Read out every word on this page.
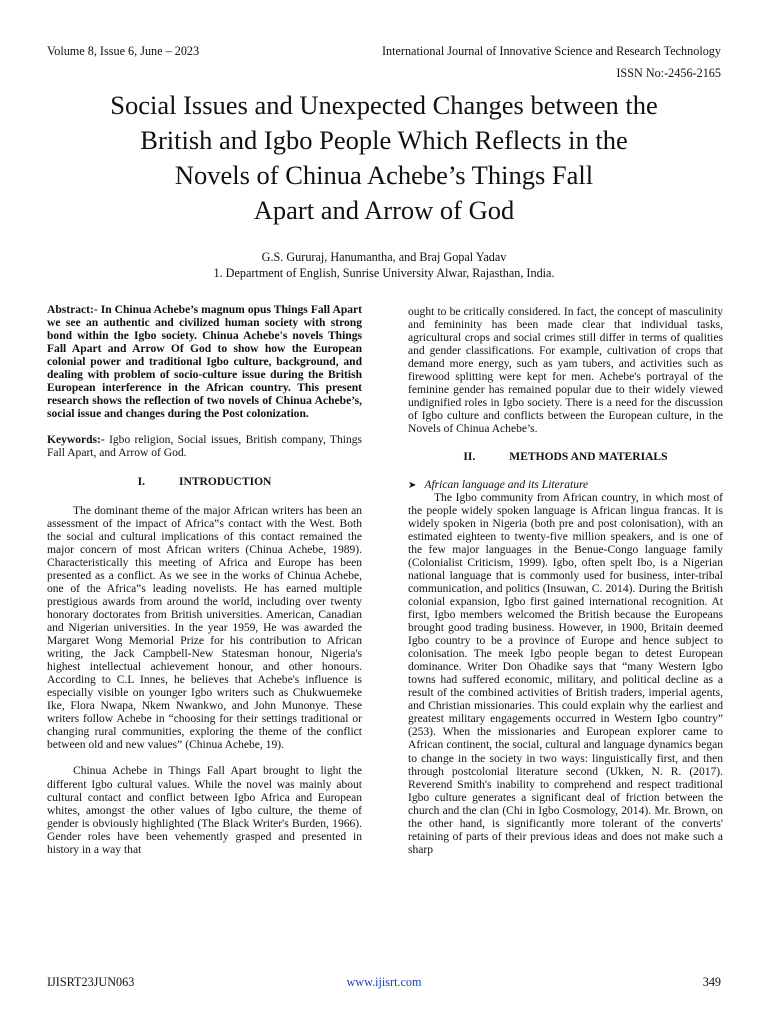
Volume 8, Issue 6, June – 2023	International Journal of Innovative Science and Research Technology
ISSN No:-2456-2165
Social Issues and Unexpected Changes between the
British and Igbo People Which Reflects in the
Novels of Chinua Achebe’s Things Fall
Apart and Arrow of God
G.S. Gururaj, Hanumantha, and Braj Gopal Yadav
1. Department of English, Sunrise University Alwar, Rajasthan, India.

Abstract:- In Chinua Achebe’s magnum opus Things Fall Apart we see an authentic and civilized human society with strong bond within the Igbo society. Chinua Achebe's novels Things Fall Apart and Arrow Of God to show how the European colonial power and traditional Igbo culture, background, and dealing with problem of socio-culture issue during the British European interference in the African country. This present research shows the reflection of two novels of Chinua Achebe’s, social issue and changes during the Post colonization.

Keywords:- Igbo religion, Social issues, British company, Things Fall Apart, and Arrow of God.

I.	INTRODUCTION

The dominant theme of the major African writers has been an assessment of the impact of Africa‟s contact with the West. Both the social and cultural implications of this contact remained the major concern of most African writers (Chinua Achebe, 1989). Characteristically this meeting of Africa and Europe has been presented as a conflict. As we see in the works of Chinua Achebe, one of the Africa‟s leading novelists. He has earned multiple prestigious awards from around the world, including over twenty honorary doctorates from British universities. American, Canadian and Nigerian universities. In the year 1959, He was awarded the Margaret Wong Memorial Prize for his contribution to African writing, the Jack Campbell-New Statesman honour, Nigeria's highest intellectual achievement honour, and other honours. According to C.L Innes, he believes that Achebe's influence is especially visible on younger Igbo writers such as Chukwuemeke Ike, Flora Nwapa, Nkem Nwankwo, and John Munonye. These writers follow Achebe in “choosing for their settings traditional or changing rural communities, exploring the theme of the conflict between old and new values” (Chinua Achebe, 19).

Chinua Achebe in Things Fall Apart brought to light the different Igbo cultural values. While the novel was mainly about cultural contact and conflict between Igbo Africa and European whites, amongst the other values of Igbo culture, the theme of gender is obviously highlighted (The Black Writer's Burden, 1966). Gender roles have been vehemently grasped and presented in history in a way that

ought to be critically considered. In fact, the concept of masculinity and femininity has been made clear that individual tasks, agricultural crops and social crimes still differ in terms of qualities and gender classifications. For example, cultivation of crops that demand more energy, such as yam tubers, and activities such as firewood splitting were kept for men. Achebe's portrayal of the feminine gender has remained popular due to their widely viewed undignified roles in Igbo society. There is a need for the discussion of Igbo culture and conflicts between the European culture, in the Novels of Chinua Achebe’s.

II.	METHODS AND MATERIALS

➤ African language and its Literature

The Igbo community from African country, in which most of the people widely spoken language is African lingua francas. It is widely spoken in Nigeria (both pre and post colonisation), with an estimated eighteen to twenty-five million speakers, and is one of the few major languages in the Benue-Congo language family (Colonialist Criticism, 1999). Igbo, often spelt Ibo, is a Nigerian national language that is commonly used for business, inter-tribal communication, and politics (Insuwan, C. 2014). During the British colonial expansion, Igbo first gained international recognition. At first, Igbo members welcomed the British because the Europeans brought good trading business. However, in 1900, Britain deemed Igbo country to be a province of Europe and hence subject to colonisation. The meek Igbo people began to detest European dominance. Writer Don Ohadike says that “many Western Igbo towns had suffered economic, military, and political decline as a result of the combined activities of British traders, imperial agents, and Christian missionaries. This could explain why the earliest and greatest military engagements occurred in Western Igbo country” (253). When the missionaries and European explorer came to African continent, the social, cultural and language dynamics began to change in the society in two ways: linguistically first, and then through postcolonial literature second (Ukken, N. R. (2017). Reverend Smith's inability to comprehend and respect traditional Igbo culture generates a significant deal of friction between the church and the clan (Chi in Igbo Cosmology, 2014). Mr. Brown, on the other hand, is significantly more tolerant of the converts' retaining of parts of their previous ideas and does not make such a sharp

IJISRT23JUN063	www.ijisrt.com	349
